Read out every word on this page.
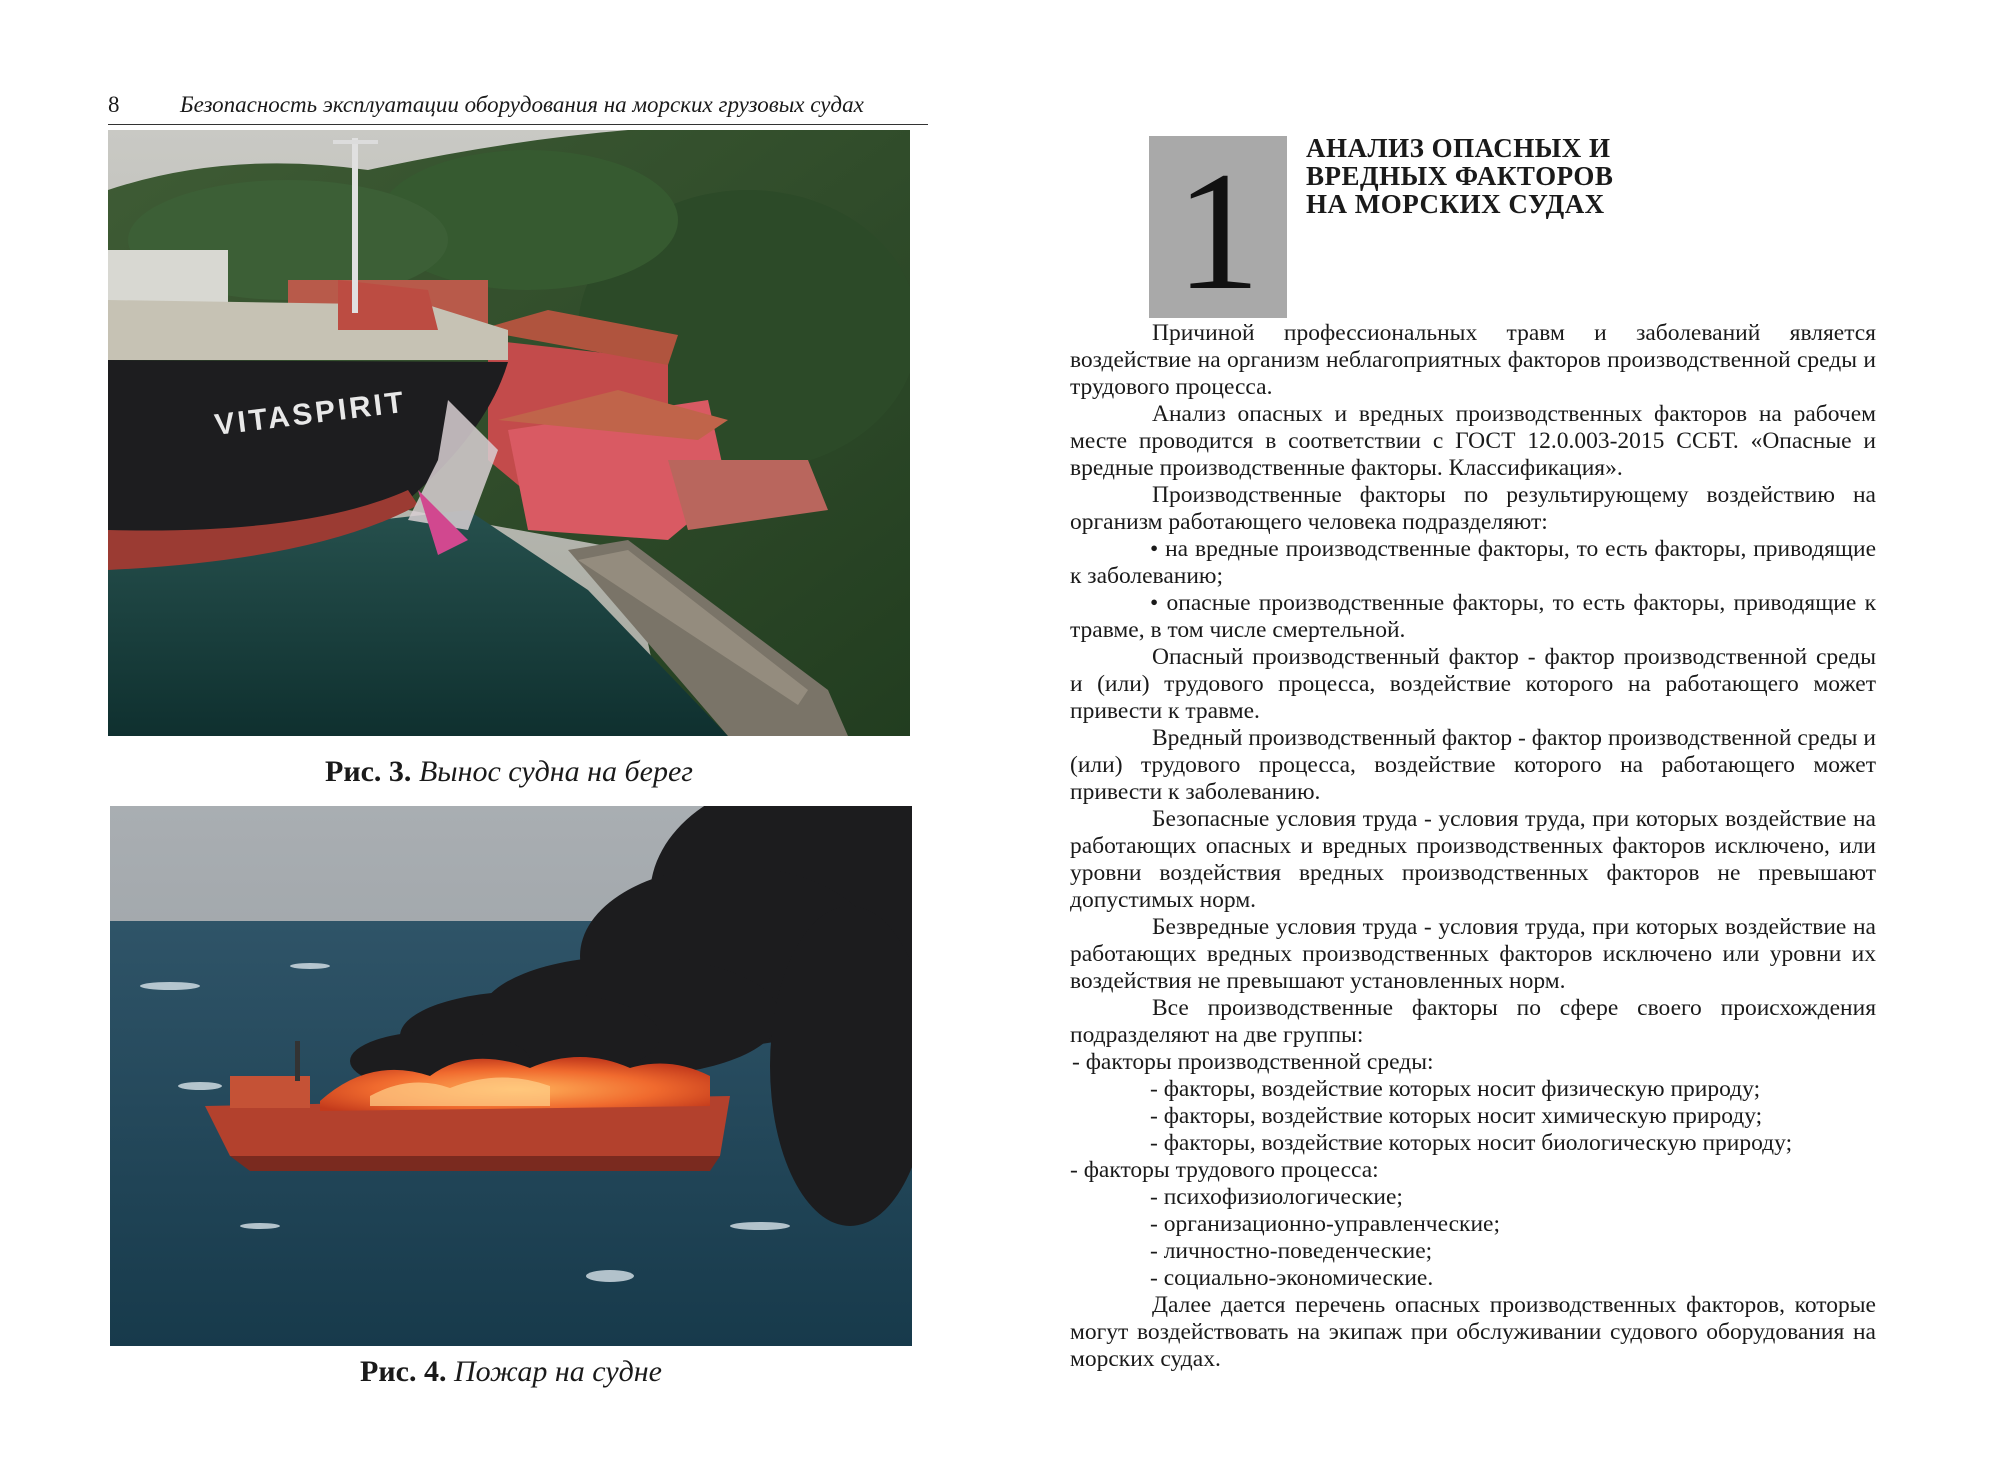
8	Безопасность эксплуатации оборудования на морских грузовых судах
VITASPIRIT
Рис. 3. Вынос судна на берег
Рис. 4. Пожар на судне
1 АНАЛИЗ ОПАСНЫХ И
ВРЕДНЫХ ФАКТОРОВ
НА МОРСКИХ СУДАХ

Причиной профессиональных травм и заболеваний является воздействие на организм неблагоприятных факторов производственной среды и трудового процесса.

Анализ опасных и вредных производственных факторов на рабочем месте проводится в соответствии с ГОСТ 12.0.003-2015 ССБТ. «Опасные и вредные производственные факторы. Классификация».

Производственные факторы по результирующему воздействию на организм работающего человека подразделяют:

• на вредные производственные факторы, то есть факторы, приводящие к заболеванию;

• опасные производственные факторы, то есть факторы, приводящие к травме, в том числе смертельной.

Опасный производственный фактор - фактор производственной среды и (или) трудового процесса, воздействие которого на работающего может привести к травме.

Вредный производственный фактор - фактор производственной среды и (или) трудового процесса, воздействие которого на работающего может привести к заболеванию.

Безопасные условия труда - условия труда, при которых воздействие на работающих опасных и вредных производственных факторов исключено, или уровни воздействия вредных производственных факторов не превышают допустимых норм.

Безвредные условия труда - условия труда, при которых воздействие на работающих вредных производственных факторов исключено или уровни их воздействия не превышают установленных норм.

Все производственные факторы по сфере своего происхождения подразделяют на две группы:

- факторы производственной среды:

- факторы, воздействие которых носит физическую природу;

- факторы, воздействие которых носит химическую природу;

- факторы, воздействие которых носит биологическую природу;

- факторы трудового процесса:

- психофизиологические;

- организационно-управленческие;

- личностно-поведенческие;

- социально-экономические.

Далее дается перечень опасных производственных факторов, которые могут воздействовать на экипаж при обслуживании судового оборудования на морских судах.
